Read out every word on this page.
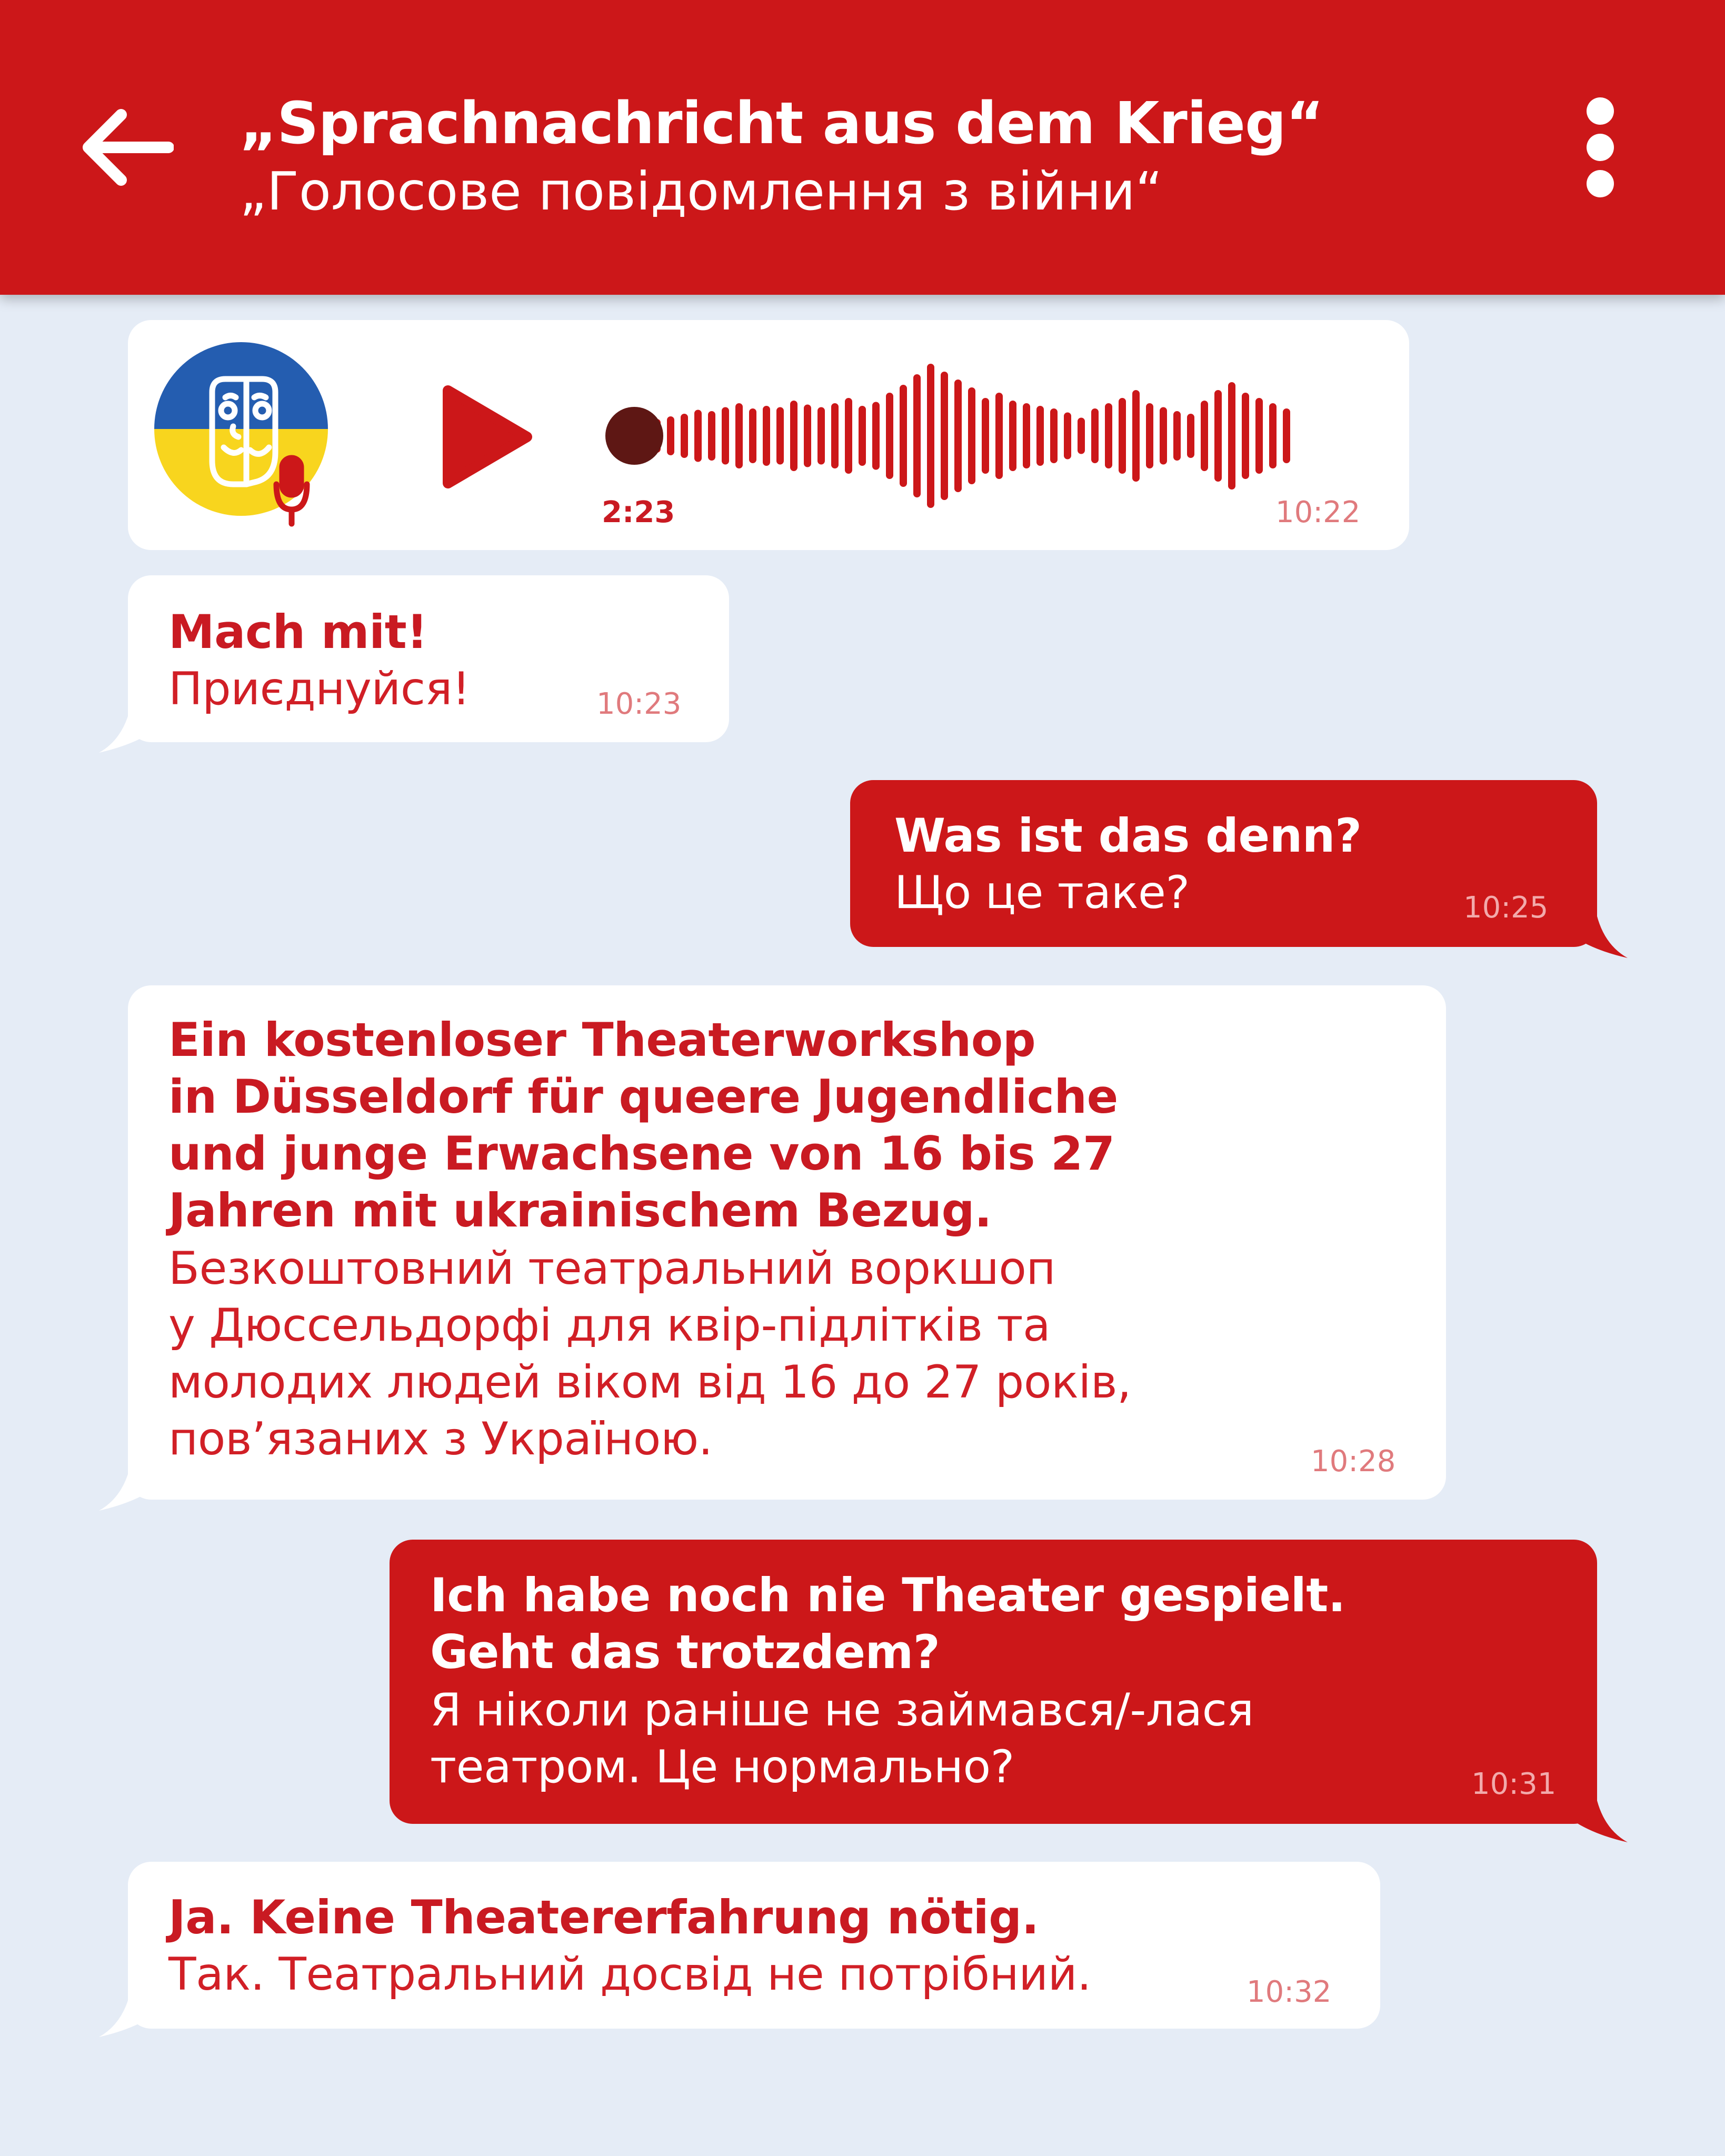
„Sprachnachricht aus dem Krieg“
„Голосове повідомлення з війни“
2:23	10:22
Mach mit!
Приєднуйся!	10:23
Was ist das denn?
Що це таке?	10:25
Ein kostenloser Theaterworkshop
in Düsseldorf für queere Jugendliche
und junge Erwachsene von 16 bis 27
Jahren mit ukrainischem Bezug.
Безкоштовний театральний воркшоп
у Дюссельдорфі для квір-підлітків та
молодих людей віком від 16 до 27 років,
пов’язаних з Україною.	10:28
Ich habe noch nie Theater gespielt.
Geht das trotzdem?
Я ніколи раніше не займався/-лася
театром. Це нормально?	10:31
Ja. Keine Theatererfahrung nötig.
Так. Театральний досвід не потрібний.	10:32
